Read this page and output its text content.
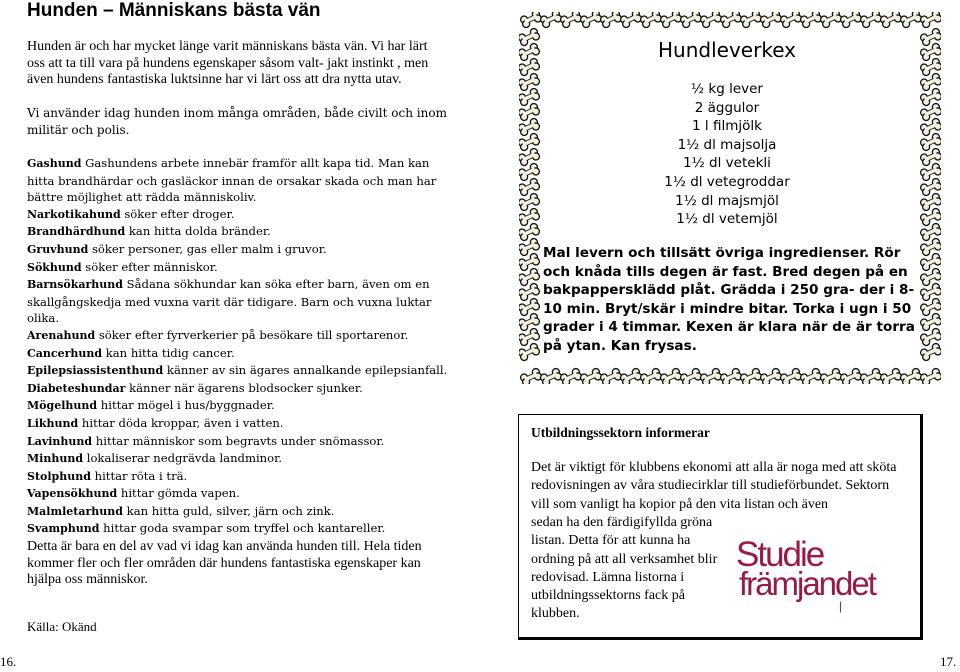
Hunden – Människans bästa vän
Hunden är och har mycket länge varit människans bästa vän. Vi har lärt oss att ta till vara på hundens egenskaper såsom valt- jakt instinkt , men även hundens fantastiska luktsinne har vi lärt oss att dra nytta utav.
Vi använder idag hunden inom många områden, både civilt och inom militär och polis.
Gashund Gashundens arbete innebär framför allt kapa tid. Man kan hitta brandhärdar och gasläckor innan de orsakar skada och man har bättre möjlighet att rädda människoliv.
Narkotikahund söker efter droger.
Brandhärdhund kan hitta dolda bränder.
Gruvhund söker personer, gas eller malm i gruvor.
Sökhund söker efter människor.
Barnsökarhund Sådana sökhundar kan söka efter barn, även om en skallgångskedja med vuxna varit där tidigare. Barn och vuxna luktar olika.
Arenahund söker efter fyrverkerier på besökare till sportarenor.
Cancerhund kan hitta tidig cancer.
Epilepsiassistenthund känner av sin ägares annalkande epilepsianfall.
Diabeteshundar känner när ägarens blodsocker sjunker.
Mögelhund hittar mögel i hus/byggnader.
Likhund hittar döda kroppar, även i vatten.
Lavinhund hittar människor som begravts under snömassor.
Minhund lokaliserar nedgrävda landminor.
Stolphund hittar röta i trä.
Vapensökhund hittar gömda vapen.
Malmletarhund kan hitta guld, silver, järn och zink.
Svamphund hittar goda svampar som tryffel och kantareller.
Detta är bara en del av vad vi idag kan använda hunden till. Hela tiden kommer fler och fler områden där hundens fantastiska egenskaper kan hjälpa oss människor.
Källa: Okänd
Hundleverkex
½ kg lever
2 äggulor
1 l filmjölk
1½ dl majsolja
1½ dl vetekli
1½ dl vetegroddar
1½ dl majsmjöl
1½ dl vetemjöl
Mal levern och tillsätt övriga ingredienser. Rör och knåda tills degen är fast. Bred degen på en bakpappersklädd plåt. Grädda i 250 gra- der i 8-10 min. Bryt/skär i mindre bitar. Torka i ugn i 50 grader i 4 timmar. Kexen är klara när de är torra på ytan. Kan frysas.
Utbildningssektorn informerar
Det är viktigt för klubbens ekonomi att alla är noga med att sköta redovisningen av våra studiecirklar till studieförbundet. Sektorn vill som vanligt ha kopior på den vita listan och även
sedan ha den färdigifyllda gröna listan. Detta för att kunna ha ordning på att all verksamhet blir redovisad. Lämna listorna i utbildningssektorns fack på klubben.
Studie
främjandet
|
16.	17.
